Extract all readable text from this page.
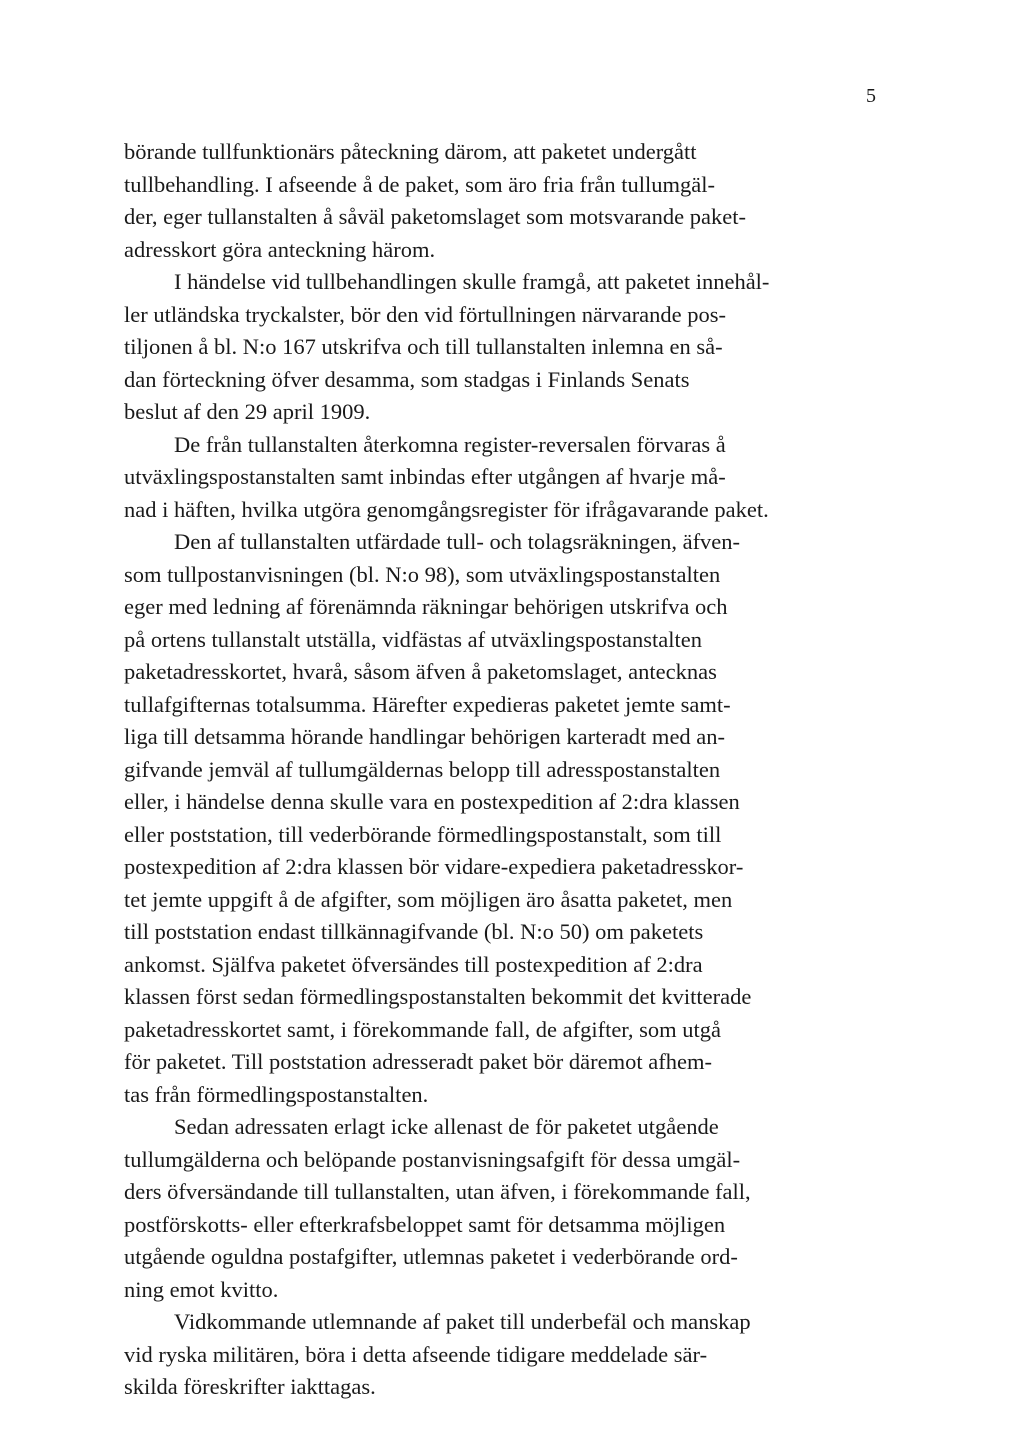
5
börande tullfunktionärs påteckning därom, att paketet undergått
tullbehandling. I afseende å de paket, som äro fria från tullumgäl-
der, eger tullanstalten å såväl paketomslaget som motsvarande paket-
adresskort göra anteckning härom.
I händelse vid tullbehandlingen skulle framgå, att paketet innehål-
ler utländska tryckalster, bör den vid förtullningen närvarande pos-
tiljonen å bl. N:o 167 utskrifva och till tullanstalten inlemna en så-
dan förteckning öfver desamma, som stadgas i Finlands Senats
beslut af den 29 april 1909.
De från tullanstalten återkomna register-reversalen förvaras å
utväxlingspostanstalten samt inbindas efter utgången af hvarje må-
nad i häften, hvilka utgöra genomgångsregister för ifrågavarande paket.
Den af tullanstalten utfärdade tull- och tolagsräkningen, äfven-
som tullpostanvisningen (bl. N:o 98), som utväxlingspostanstalten
eger med ledning af förenämnda räkningar behörigen utskrifva och
på ortens tullanstalt utställa, vidfästas af utväxlingspostanstalten
paketadresskortet, hvarå, såsom äfven å paketomslaget, antecknas
tullafgifternas totalsumma. Härefter expedieras paketet jemte samt-
liga till detsamma hörande handlingar behörigen karteradt med an-
gifvande jemväl af tullumgäldernas belopp till adresspostanstalten
eller, i händelse denna skulle vara en postexpedition af 2:dra klassen
eller poststation, till vederbörande förmedlingspostanstalt, som till
postexpedition af 2:dra klassen bör vidare-expediera paketadresskor-
tet jemte uppgift å de afgifter, som möjligen äro åsatta paketet, men
till poststation endast tillkännagifvande (bl. N:o 50) om paketets
ankomst. Själfva paketet öfversändes till postexpedition af 2:dra
klassen först sedan förmedlingspostanstalten bekommit det kvitterade
paketadresskortet samt, i förekommande fall, de afgifter, som utgå
för paketet. Till poststation adresseradt paket bör däremot afhem-
tas från förmedlingspostanstalten.
Sedan adressaten erlagt icke allenast de för paketet utgående
tullumgälderna och belöpande postanvisningsafgift för dessa umgäl-
ders öfversändande till tullanstalten, utan äfven, i förekommande fall,
postförskotts- eller efterkrafsbeloppet samt för detsamma möjligen
utgående oguldna postafgifter, utlemnas paketet i vederbörande ord-
ning emot kvitto.
Vidkommande utlemnande af paket till underbefäl och manskap
vid ryska militären, böra i detta afseende tidigare meddelade sär-
skilda föreskrifter iakttagas.
